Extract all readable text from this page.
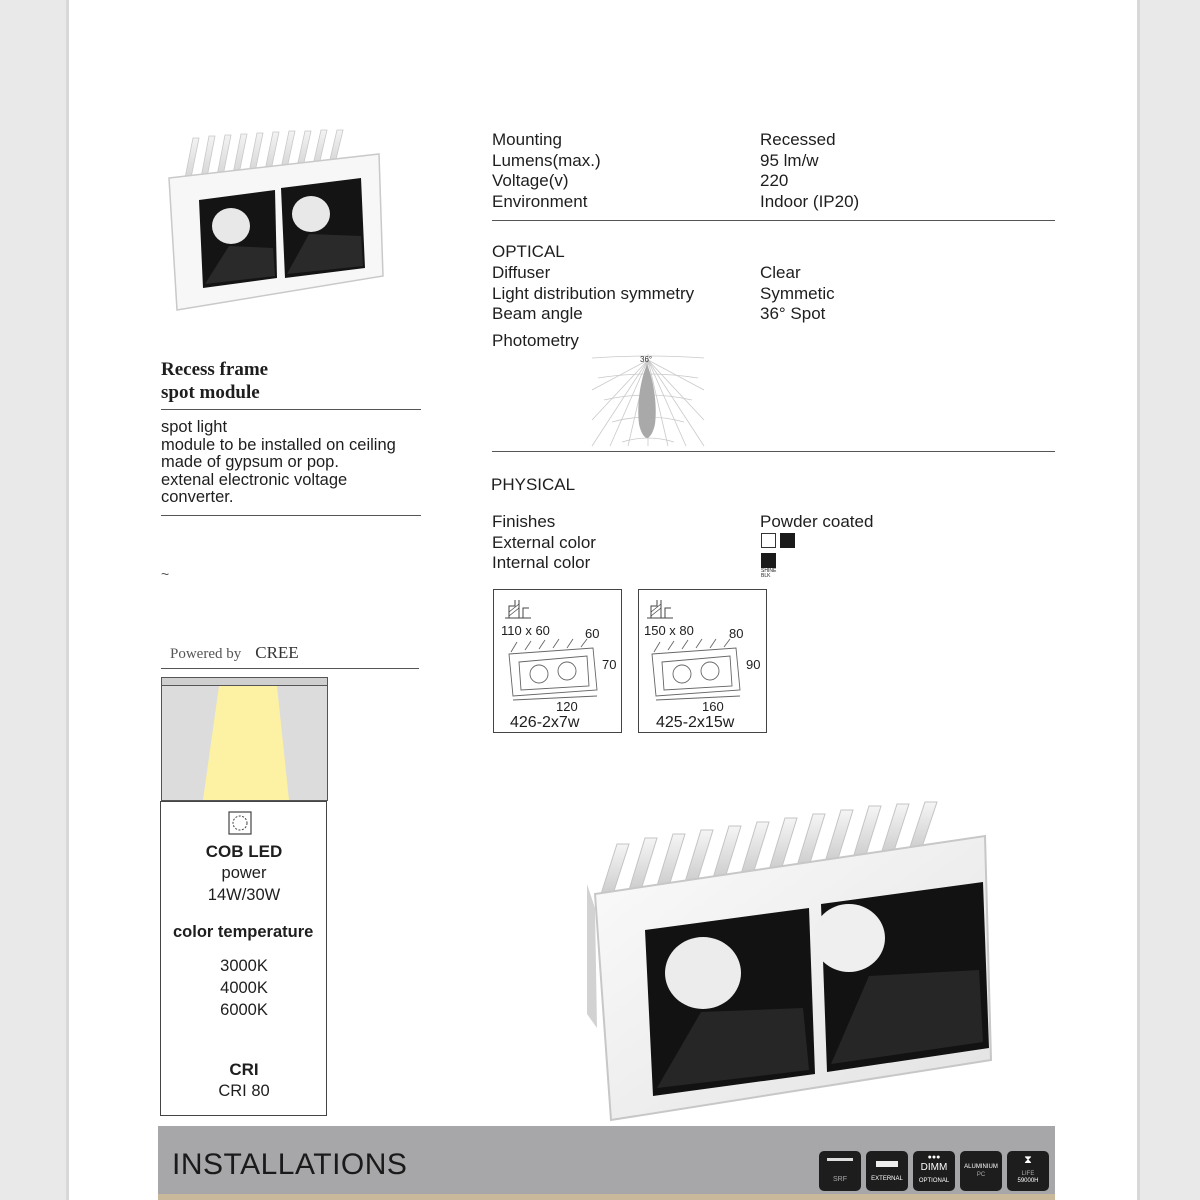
Recess frame
spot module
spot light
module to be installed on ceiling
made of gypsum or pop.
extenal electronic voltage
converter.
~
Powered by CREE
COB LED
power
14W/30W
color temperature
3000K
4000K
6000K
CRI
CRI 80
Mounting	Recessed
Lumens(max.)	95 lm/w
Voltage(v)	220
Environment	Indoor (IP20)
OPTICAL
Diffuser	Clear
Light distribution symmetry	Symmetic
Beam angle	36° Spot
Photometry
36°
PHYSICAL
Finishes	Powder coated
External color
Internal color	SHINE
BLK
110 x 60	60
70
120
426-2x7w
150 x 80	80
90
160
425-2x15w
INSTALLATIONS	SRF	EXTERNAL
●●●
DIMM
OPTIONAL
ALUMINIUM
PC
⧗
LIFE
59000H
